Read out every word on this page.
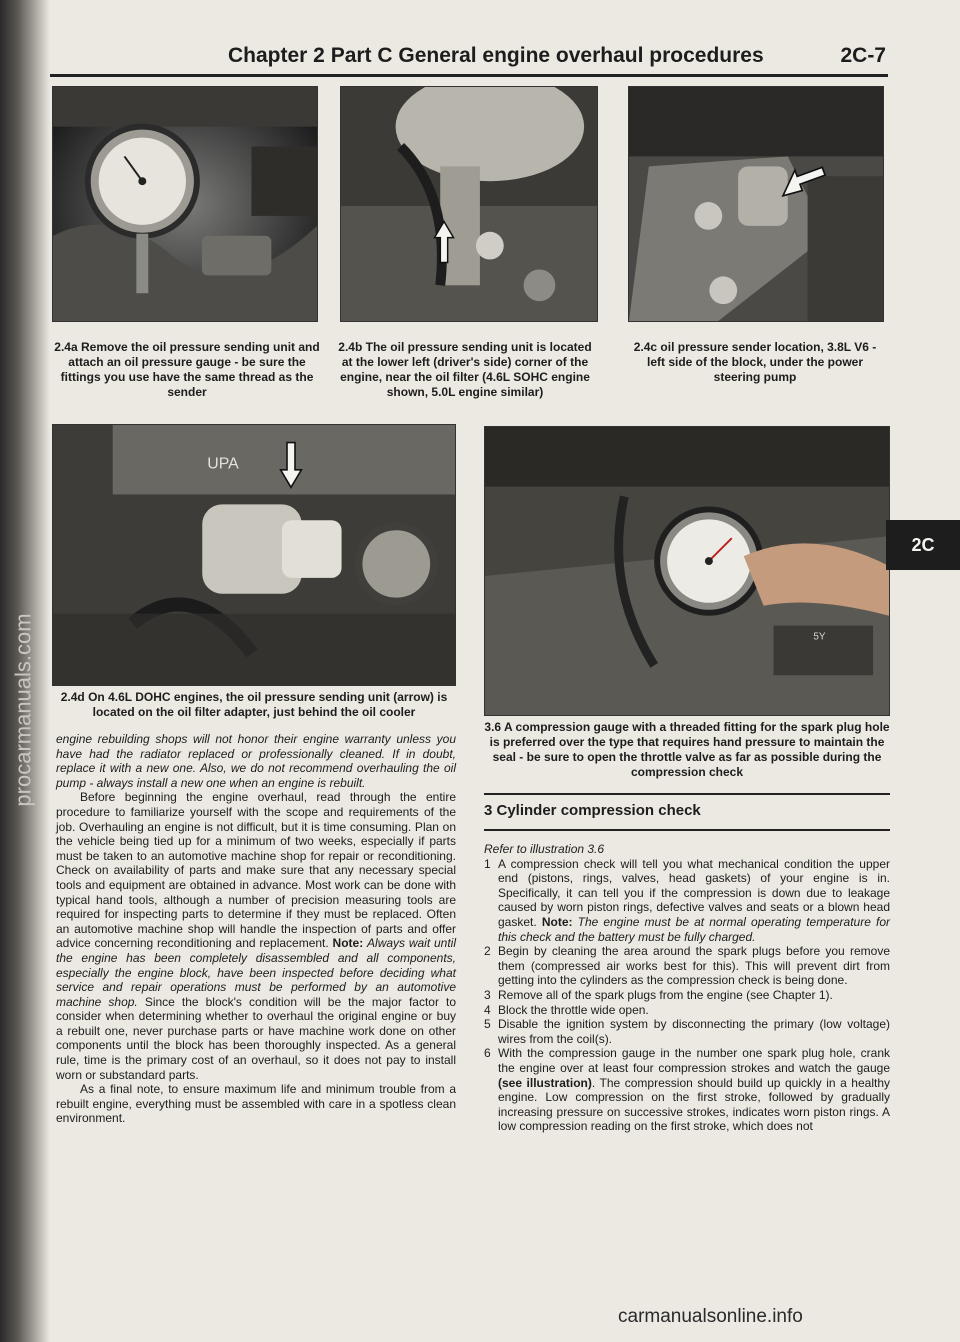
procarmanuals.com
Chapter 2 Part C General engine overhaul procedures	2C-7
2.4a Remove the oil pressure sending unit and attach an oil pressure gauge - be sure the fittings you use have the same thread as the sender
2.4b The oil pressure sending unit is located at the lower left (driver's side) corner of the engine, near the oil filter (4.6L SOHC engine shown, 5.0L engine similar)
2.4c oil pressure sender location, 3.8L V6 - left side of the block, under the power steering pump
UPA
2.4d On 4.6L DOHC engines, the oil pressure sending unit (arrow) is located on the oil filter adapter, just behind the oil cooler
5Y
3.6 A compression gauge with a threaded fitting for the spark plug hole is preferred over the type that requires hand pressure to maintain the seal - be sure to open the throttle valve as far as possible during the compression check
2C

engine rebuilding shops will not honor their engine warranty unless you have had the radiator replaced or professionally cleaned. If in doubt, replace it with a new one. Also, we do not recommend overhauling the oil pump - always install a new one when an engine is rebuilt.

Before beginning the engine overhaul, read through the entire procedure to familiarize yourself with the scope and requirements of the job. Overhauling an engine is not difficult, but it is time consuming. Plan on the vehicle being tied up for a minimum of two weeks, especially if parts must be taken to an automotive machine shop for repair or reconditioning. Check on availability of parts and make sure that any necessary special tools and equipment are obtained in advance. Most work can be done with typical hand tools, although a number of precision measuring tools are required for inspecting parts to determine if they must be replaced. Often an automotive machine shop will handle the inspection of parts and offer advice concerning reconditioning and replacement. Note: Always wait until the engine has been completely disassembled and all components, especially the engine block, have been inspected before deciding what service and repair operations must be performed by an automotive machine shop. Since the block's condition will be the major factor to consider when determining whether to overhaul the original engine or buy a rebuilt one, never purchase parts or have machine work done on other components until the block has been thoroughly inspected. As a general rule, time is the primary cost of an overhaul, so it does not pay to install worn or substandard parts.

As a final note, to ensure maximum life and minimum trouble from a rebuilt engine, everything must be assembled with care in a spotless clean environment.

3 Cylinder compression check

Refer to illustration 3.6

1 A compression check will tell you what mechanical condition the upper end (pistons, rings, valves, head gaskets) of your engine is in. Specifically, it can tell you if the compression is down due to leakage caused by worn piston rings, defective valves and seats or a blown head gasket. Note: The engine must be at normal operating temperature for this check and the battery must be fully charged.

2 Begin by cleaning the area around the spark plugs before you remove them (compressed air works best for this). This will prevent dirt from getting into the cylinders as the compression check is being done.

3 Remove all of the spark plugs from the engine (see Chapter 1).

4 Block the throttle wide open.

5 Disable the ignition system by disconnecting the primary (low voltage) wires from the coil(s).

6 With the compression gauge in the number one spark plug hole, crank the engine over at least four compression strokes and watch the gauge (see illustration). The compression should build up quickly in a healthy engine. Low compression on the first stroke, followed by gradually increasing pressure on successive strokes, indicates worn piston rings. A low compression reading on the first stroke, which does not

carmanualsonline.info
